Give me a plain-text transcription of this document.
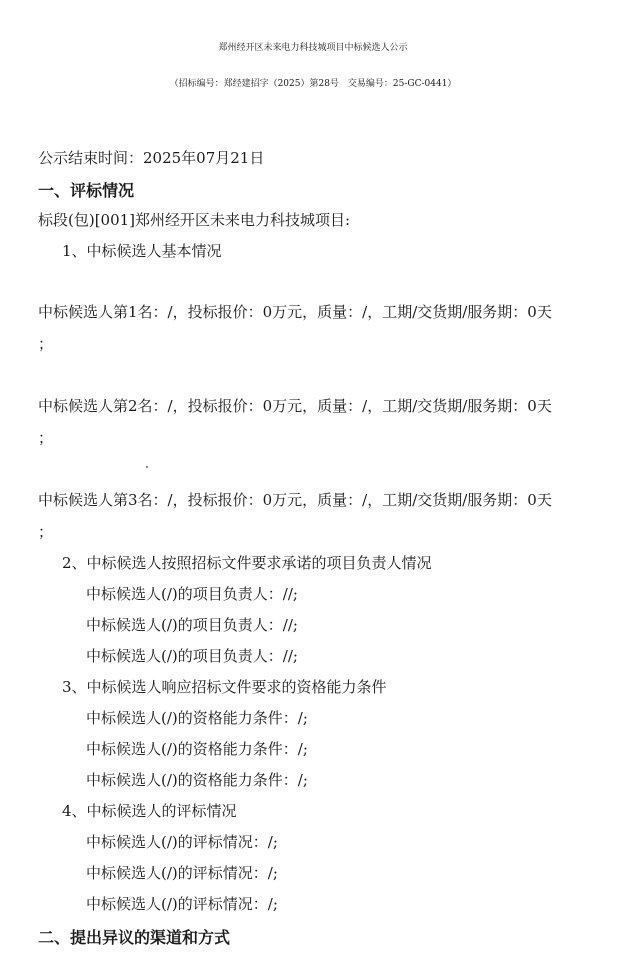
郑州经开区未来电力科技城项目中标候选人公示
（招标编号：郑经建招字（2025）第28号　交易编号：25-GC-0441）
公示结束时间：2025年07月21日
一、评标情况
标段(包)[001]郑州经开区未来电力科技城项目:
1、中标候选人基本情况
中标候选人第1名：/，投标报价：0万元，质量：/，工期/交货期/服务期：0天
；
中标候选人第2名：/，投标报价：0万元，质量：/，工期/交货期/服务期：0天
；
中标候选人第3名：/，投标报价：0万元，质量：/，工期/交货期/服务期：0天
；
2、中标候选人按照招标文件要求承诺的项目负责人情况
中标候选人(/)的项目负责人：//;
中标候选人(/)的项目负责人：//;
中标候选人(/)的项目负责人：//;
3、中标候选人响应招标文件要求的资格能力条件
中标候选人(/)的资格能力条件：/;
中标候选人(/)的资格能力条件：/;
中标候选人(/)的资格能力条件：/;
4、中标候选人的评标情况
中标候选人(/)的评标情况：/;
中标候选人(/)的评标情况：/;
中标候选人(/)的评标情况：/;
二、提出异议的渠道和方式
